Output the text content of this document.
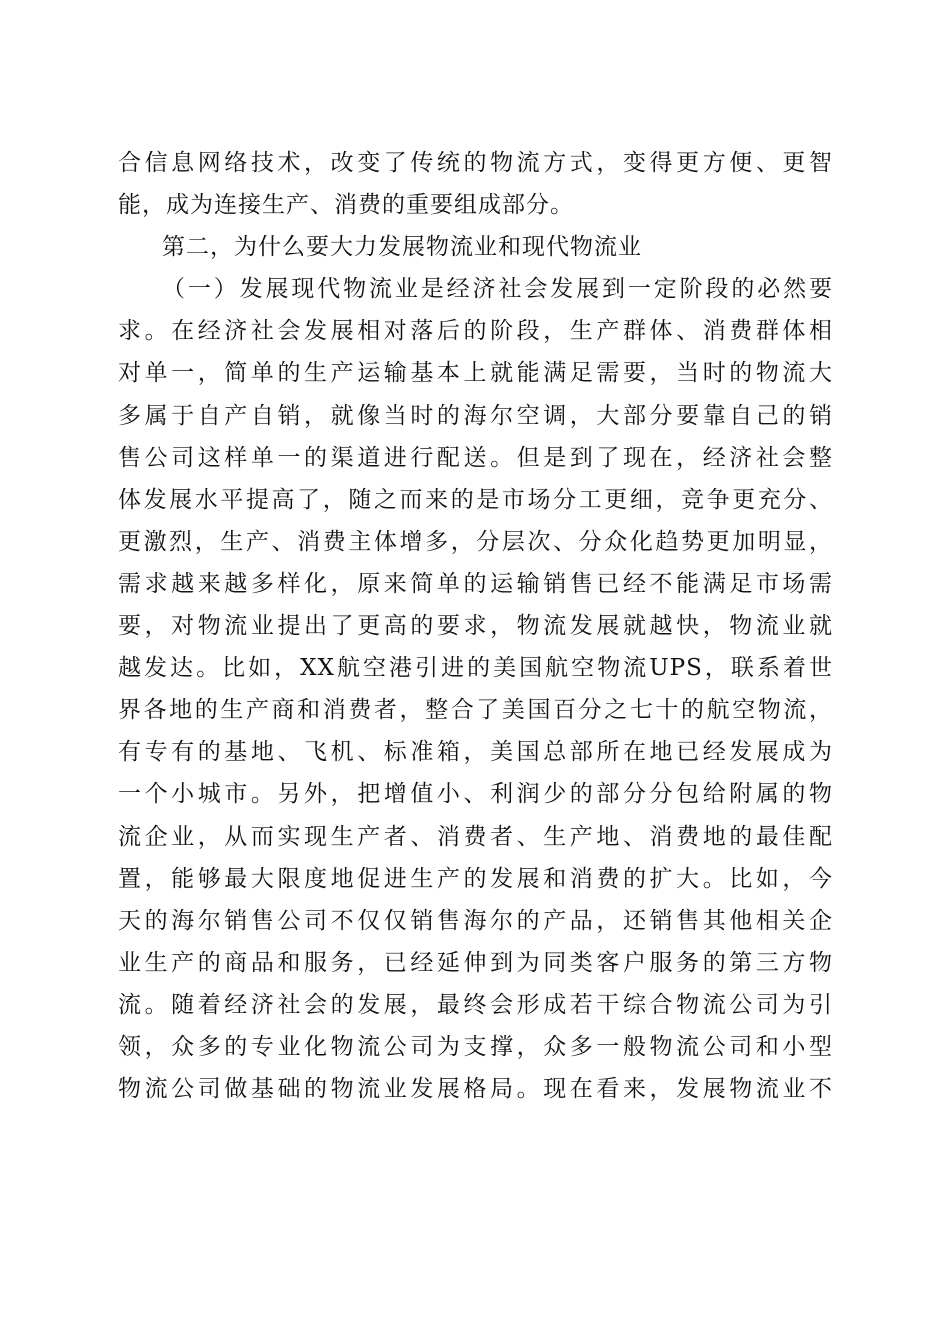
合信息网络技术，改变了传统的物流方式，变得更方便、更智
能，成为连接生产、消费的重要组成部分。
第二，为什么要大力发展物流业和现代物流业
（一）发展现代物流业是经济社会发展到一定阶段的必然要
求。在经济社会发展相对落后的阶段，生产群体、消费群体相
对单一，简单的生产运输基本上就能满足需要，当时的物流大
多属于自产自销，就像当时的海尔空调，大部分要靠自己的销
售公司这样单一的渠道进行配送。但是到了现在，经济社会整
体发展水平提高了，随之而来的是市场分工更细，竞争更充分、
更激烈，生产、消费主体增多，分层次、分众化趋势更加明显，
需求越来越多样化，原来简单的运输销售已经不能满足市场需
要，对物流业提出了更高的要求，物流发展就越快，物流业就
越发达。比如，XX航空港引进的美国航空物流UPS，联系着世
界各地的生产商和消费者，整合了美国百分之七十的航空物流，
有专有的基地、飞机、标准箱，美国总部所在地已经发展成为
一个小城市。另外，把增值小、利润少的部分分包给附属的物
流企业，从而实现生产者、消费者、生产地、消费地的最佳配
置，能够最大限度地促进生产的发展和消费的扩大。比如，今
天的海尔销售公司不仅仅销售海尔的产品，还销售其他相关企
业生产的商品和服务，已经延伸到为同类客户服务的第三方物
流。随着经济社会的发展，最终会形成若干综合物流公司为引
领，众多的专业化物流公司为支撑，众多一般物流公司和小型
物流公司做基础的物流业发展格局。现在看来，发展物流业不
